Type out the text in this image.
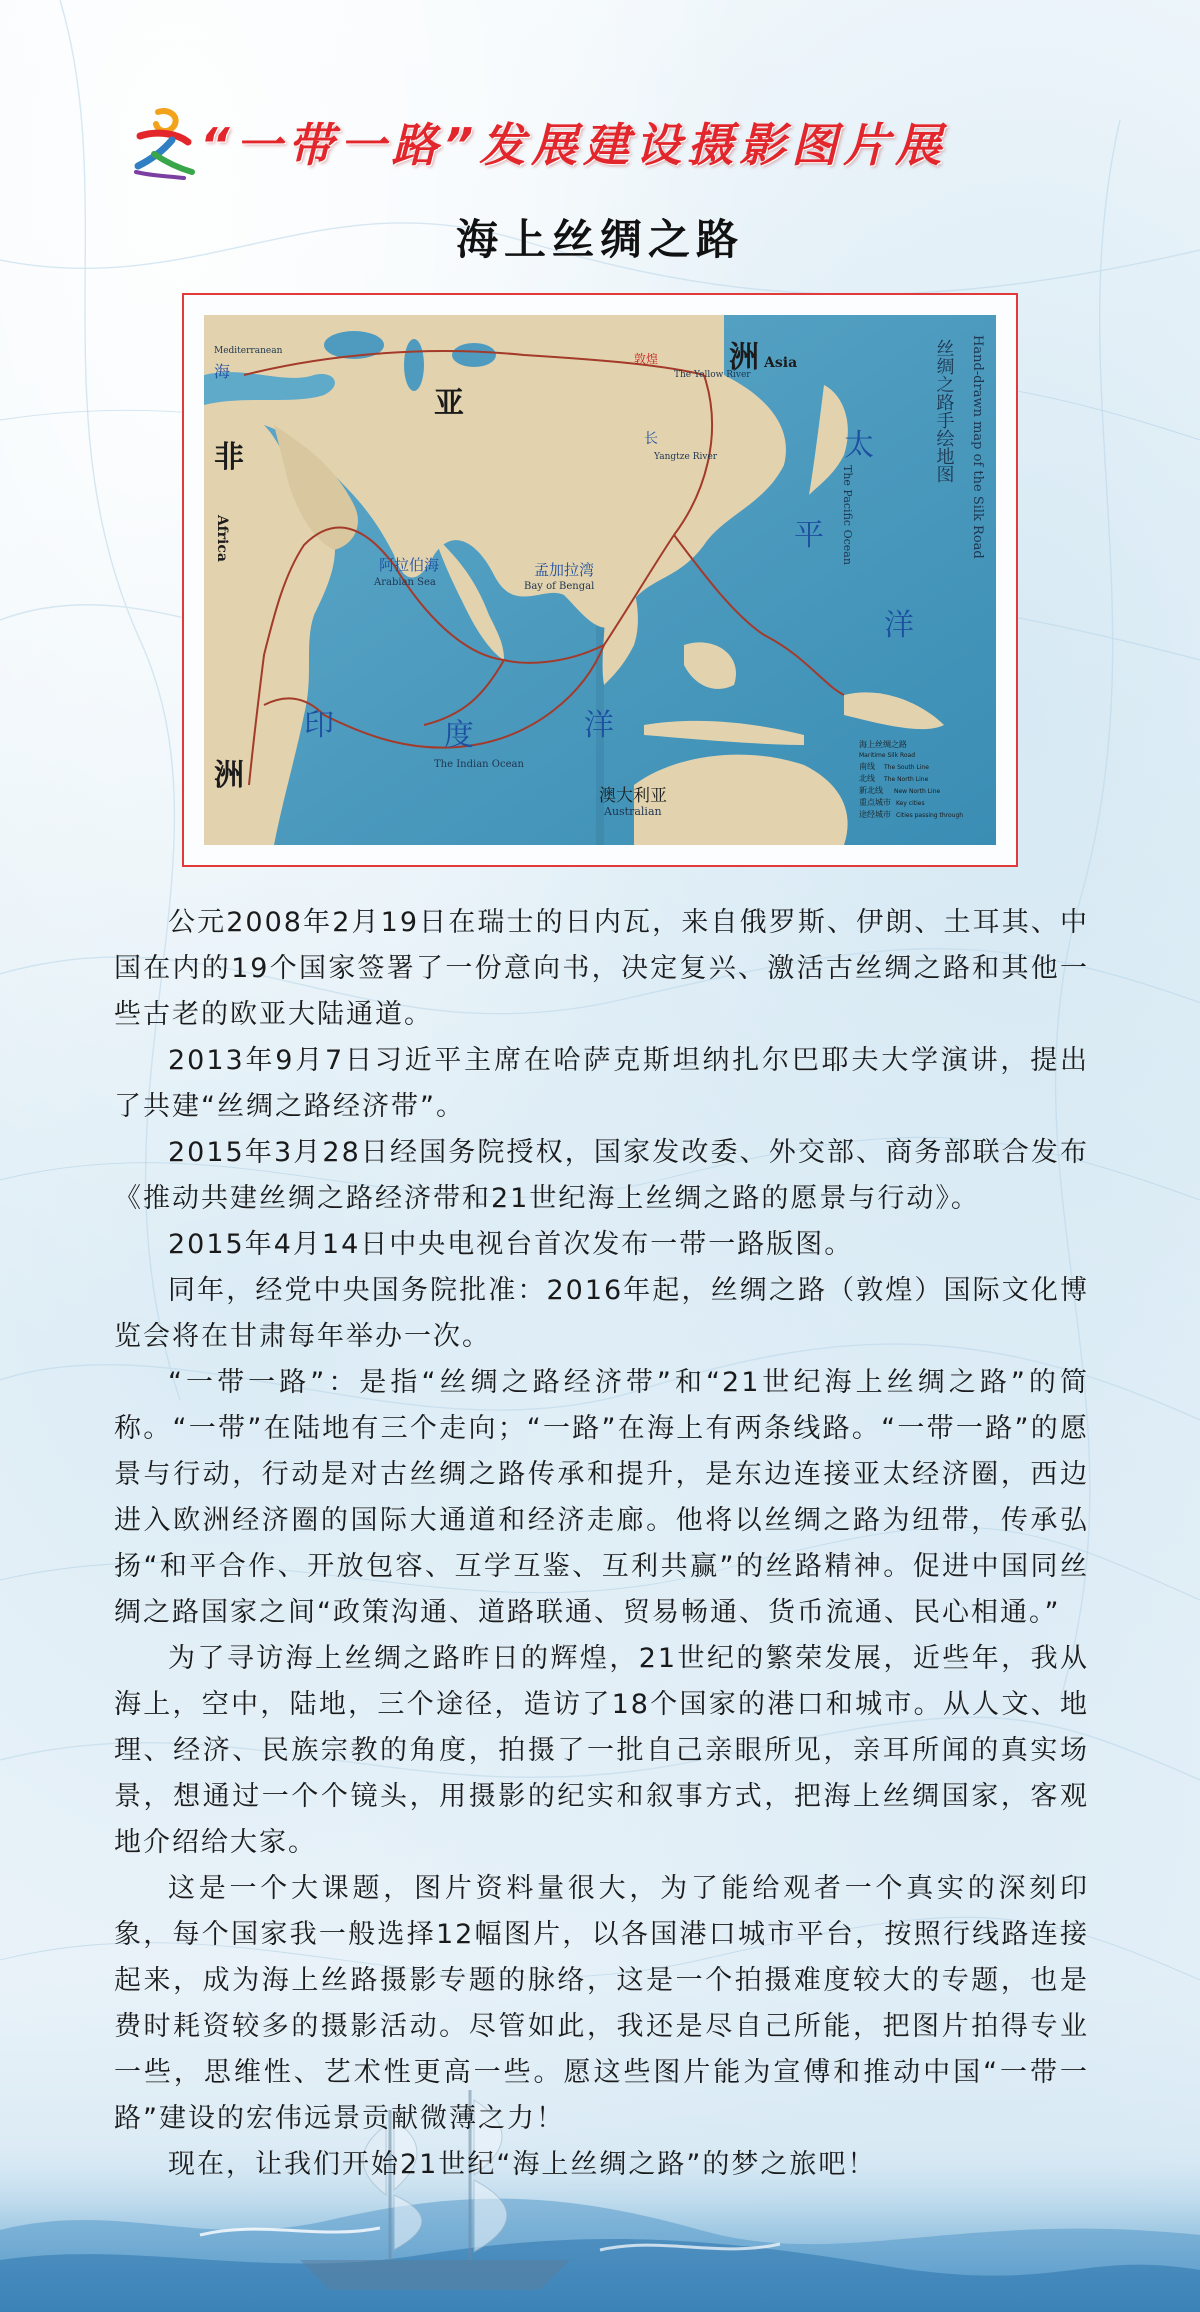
“一带一路”发展建设摄影图片展
海上丝绸之路
Hand-drawn map of the Silk Road
丝绸之路手绘地图
洲 Asia
亚
非
洲
Africa
印	度	洋
太
平
洋
阿拉伯海	孟加拉湾
海
长
The Indian Ocean
Arabian Sea	Bay of Bengal
Mediterranean
The Yellow River
Yangtze River
The Pacific Ocean
Australian
澳大利亚
敦煌
海上丝绸之路
Maritime Silk Road
南线 The South Line
北线 The North Line
新北线 New North Line
重点城市 Key cities
途经城市 Cities passing through

公元2008年2月19日在瑞士的日内瓦，来自俄罗斯、伊朗、土耳其、中国在内的19个国家签署了一份意向书，决定复兴、激活古丝绸之路和其他一些古老的欧亚大陆通道。

2013年9月7日习近平主席在哈萨克斯坦纳扎尔巴耶夫大学演讲，提出了共建“丝绸之路经济带”。

2015年3月28日经国务院授权，国家发改委、外交部、商务部联合发布《推动共建丝绸之路经济带和21世纪海上丝绸之路的愿景与行动》。

2015年4月14日中央电视台首次发布一带一路版图。

同年，经党中央国务院批准：2016年起，丝绸之路（敦煌）国际文化博览会将在甘肃每年举办一次。

“一带一路”：是指“丝绸之路经济带”和“21世纪海上丝绸之路”的简称。“一带”在陆地有三个走向；“一路”在海上有两条线路。“一带一路”的愿景与行动，行动是对古丝绸之路传承和提升，是东边连接亚太经济圈，西边进入欧洲经济圈的国际大通道和经济走廊。他将以丝绸之路为纽带，传承弘扬“和平合作、开放包容、互学互鉴、互利共赢”的丝路精神。促进中国同丝绸之路国家之间“政策沟通、道路联通、贸易畅通、货币流通、民心相通。”

为了寻访海上丝绸之路昨日的辉煌，21世纪的繁荣发展，近些年，我从海上，空中，陆地，三个途径，造访了18个国家的港口和城市。从人文、地理、经济、民族宗教的角度，拍摄了一批自己亲眼所见，亲耳所闻的真实场景，想通过一个个镜头，用摄影的纪实和叙事方式，把海上丝绸国家，客观地介绍给大家。

这是一个大课题，图片资料量很大，为了能给观者一个真实的深刻印象，每个国家我一般选择12幅图片，以各国港口城市平台，按照行线路连接起来，成为海上丝路摄影专题的脉络，这是一个拍摄难度较大的专题，也是费时耗资较多的摄影活动。尽管如此，我还是尽自己所能，把图片拍得专业一些，思维性、艺术性更高一些。愿这些图片能为宣傅和推动中国“一带一路”建设的宏伟远景贡献微薄之力！

现在，让我们开始21世纪“海上丝绸之路”的梦之旅吧！
